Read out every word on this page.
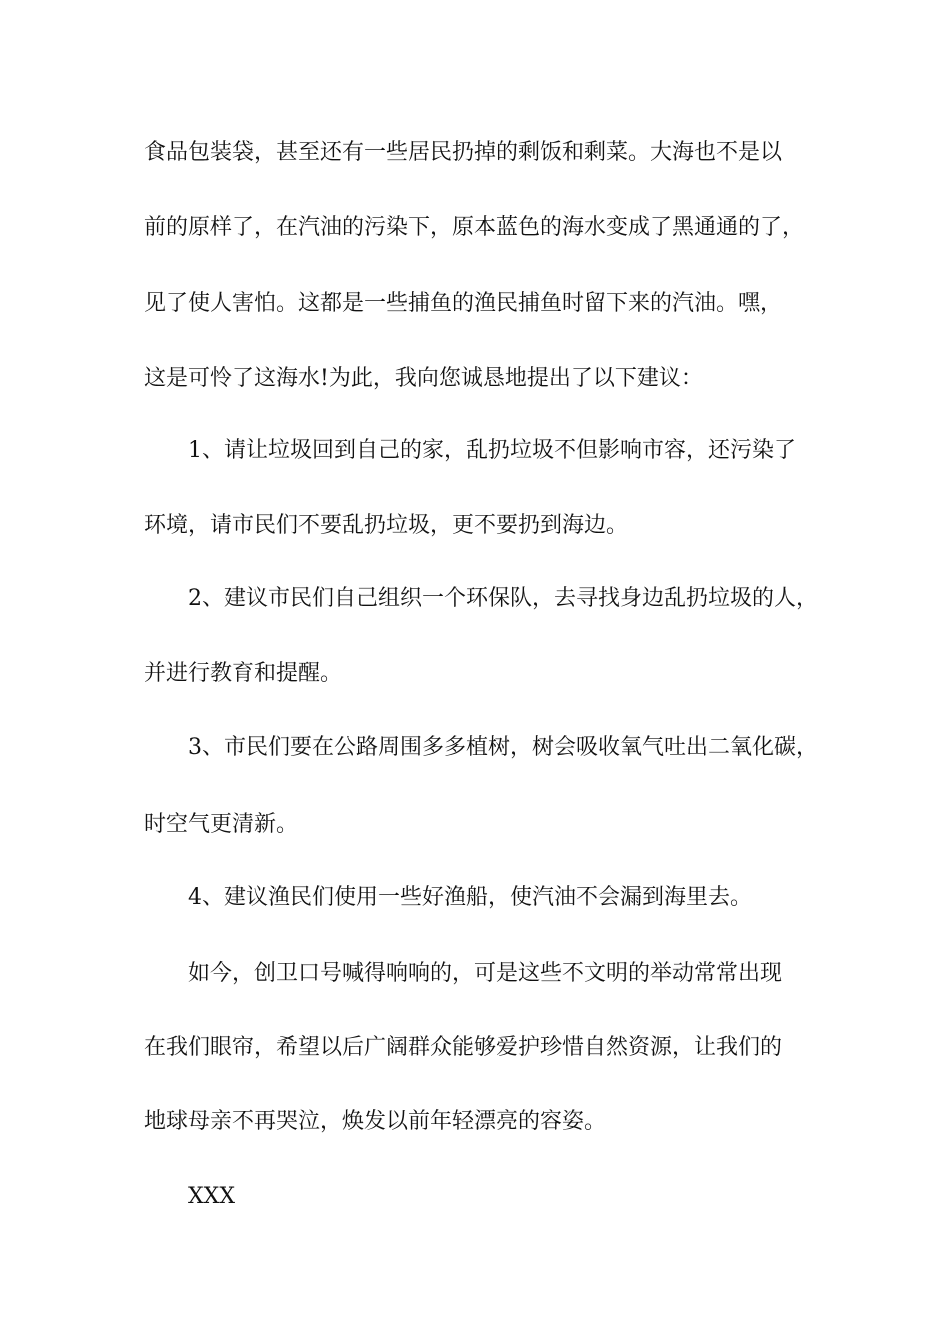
食品包装袋，甚至还有一些居民扔掉的剩饭和剩菜。大海也不是以
前的原样了，在汽油的污染下，原本蓝色的海水变成了黑通通的了，
见了使人害怕。这都是一些捕鱼的渔民捕鱼时留下来的汽油。嘿，
这是可怜了这海水!为此，我向您诚恳地提出了以下建议：
1、请让垃圾回到自己的家，乱扔垃圾不但影响市容，还污染了
环境，请市民们不要乱扔垃圾，更不要扔到海边。
2、建议市民们自己组织一个环保队，去寻找身边乱扔垃圾的人，
并进行教育和提醒。
3、市民们要在公路周围多多植树，树会吸收氧气吐出二氧化碳，
时空气更清新。
4、建议渔民们使用一些好渔船，使汽油不会漏到海里去。
如今，创卫口号喊得响响的，可是这些不文明的举动常常出现
在我们眼帘，希望以后广阔群众能够爱护珍惜自然资源，让我们的
地球母亲不再哭泣，焕发以前年轻漂亮的容姿。
XXX
